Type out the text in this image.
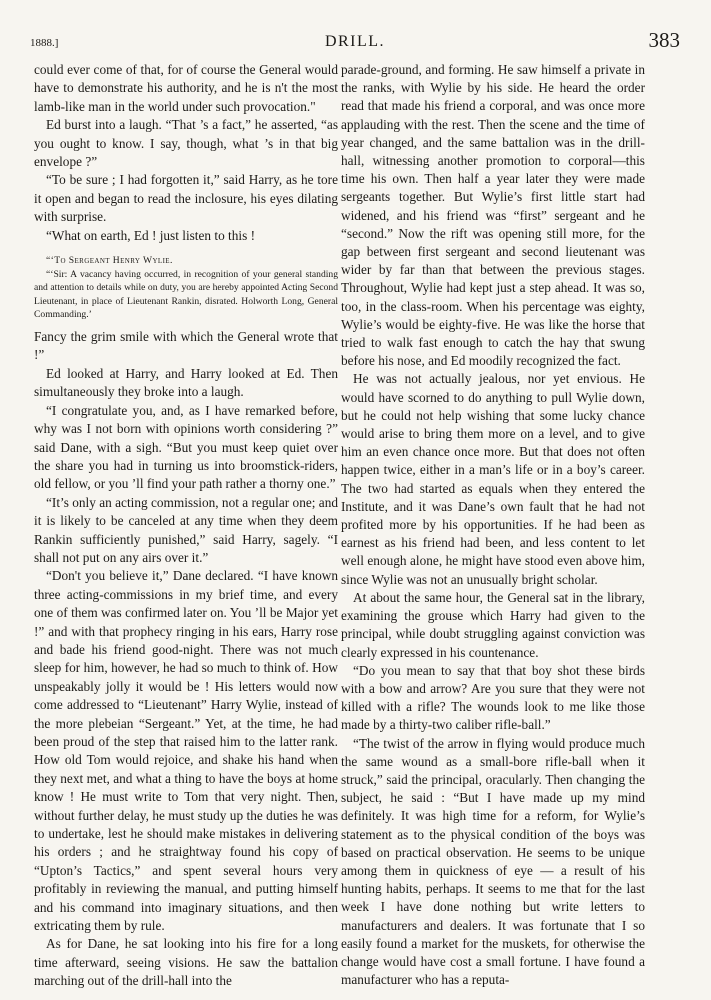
1888.]	DRILL.	383

could ever come of that, for of course the General would have to demonstrate his authority, and he is n't the most lamb-like man in the world under such provocation."

Ed burst into a laugh. “That ’s a fact,” he asserted, “as you ought to know. I say, though, what ’s in that big envelope ?”

“To be sure ; I had forgotten it,” said Harry, as he tore it open and began to read the inclosure, his eyes dilating with surprise.

“What on earth, Ed ! just listen to this !

“‘To Sergeant Henry Wylie.

“‘Sir: A vacancy having occurred, in recognition of your general standing and attention to details while on duty, you are hereby appointed Acting Second Lieutenant, in place of Lieutenant Rankin, disrated. Holworth Long, General Commanding.’

Fancy the grim smile with which the General wrote that !”

Ed looked at Harry, and Harry looked at Ed. Then simultaneously they broke into a laugh.

“I congratulate you, and, as I have remarked before, why was I not born with opinions worth considering ?” said Dane, with a sigh. “But you must keep quiet over the share you had in turning us into broomstick-riders, old fellow, or you ’ll find your path rather a thorny one.”

“It’s only an acting commission, not a regular one; and it is likely to be canceled at any time when they deem Rankin sufficiently punished,” said Harry, sagely. “I shall not put on any airs over it.”

“Don't you believe it,” Dane declared. “I have known three acting-commissions in my brief time, and every one of them was confirmed later on. You ’ll be Major yet !” and with that prophecy ringing in his ears, Harry rose and bade his friend good-night. There was not much sleep for him, however, he had so much to think of. How unspeakably jolly it would be ! His letters would now come addressed to “Lieutenant” Harry Wylie, instead of the more plebeian “Sergeant.” Yet, at the time, he had been proud of the step that raised him to the latter rank. How old Tom would rejoice, and shake his hand when they next met, and what a thing to have the boys at home know ! He must write to Tom that very night. Then, without further delay, he must study up the duties he was to undertake, lest he should make mistakes in delivering his orders ; and he straightway found his copy of “Upton’s Tactics,” and spent several hours very profitably in reviewing the manual, and putting himself and his command into imaginary situations, and then extricating them by rule.

As for Dane, he sat looking into his fire for a long time afterward, seeing visions. He saw the battalion marching out of the drill-hall into the

parade-ground, and forming. He saw himself a private in the ranks, with Wylie by his side. He heard the order read that made his friend a corporal, and was once more applauding with the rest. Then the scene and the time of year changed, and the same battalion was in the drill-hall, witnessing another promotion to corporal—this time his own. Then half a year later they were made sergeants together. But Wylie’s first little start had widened, and his friend was “first” sergeant and he “second.” Now the rift was opening still more, for the gap between first sergeant and second lieutenant was wider by far than that between the previous stages. Throughout, Wylie had kept just a step ahead. It was so, too, in the class-room. When his percentage was eighty, Wylie’s would be eighty-five. He was like the horse that tried to walk fast enough to catch the hay that swung before his nose, and Ed moodily recognized the fact.

He was not actually jealous, nor yet envious. He would have scorned to do anything to pull Wylie down, but he could not help wishing that some lucky chance would arise to bring them more on a level, and to give him an even chance once more. But that does not often happen twice, either in a man’s life or in a boy’s career. The two had started as equals when they entered the Institute, and it was Dane’s own fault that he had not profited more by his opportunities. If he had been as earnest as his friend had been, and less content to let well enough alone, he might have stood even above him, since Wylie was not an unusually bright scholar.

At about the same hour, the General sat in the library, examining the grouse which Harry had given to the principal, while doubt struggling against conviction was clearly expressed in his countenance.

“Do you mean to say that that boy shot these birds with a bow and arrow? Are you sure that they were not killed with a rifle? The wounds look to me like those made by a thirty-two caliber rifle-ball.”

“The twist of the arrow in flying would produce much the same wound as a small-bore rifle-ball when it struck,” said the principal, oracularly. Then changing the subject, he said : “But I have made up my mind definitely. It was high time for a reform, for Wylie’s statement as to the physical condition of the boys was based on practical observation. He seems to be unique among them in quickness of eye — a result of his hunting habits, perhaps. It seems to me that for the last week I have done nothing but write letters to manufacturers and dealers. It was fortunate that I so easily found a market for the muskets, for otherwise the change would have cost a small fortune. I have found a manufacturer who has a reputa-
